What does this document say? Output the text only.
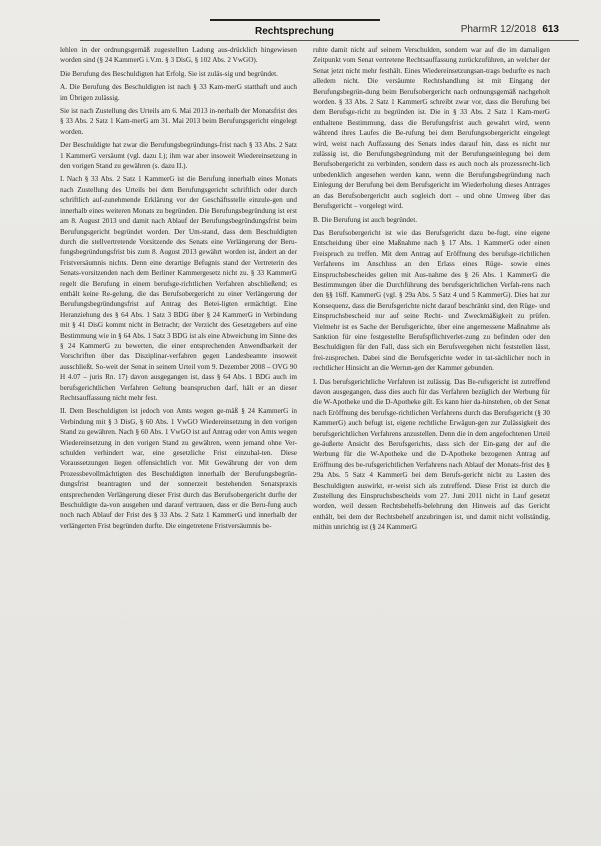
Rechtsprechung	PharmR 12/2018 613

lehlen in der ordnungsgemäß zugestellten Ladung aus-drücklich hingewiesen worden sind (§ 24 KammerG i.V.m. § 3 DisG, § 102 Abs. 2 VwGO).

Die Berufung des Beschuldigten hat Erfolg. Sie ist zuläs-sig und begründet.

A. Die Berufung des Beschuldigten ist nach § 33 Kam-merG statthaft und auch im Übrigen zulässig.

Sie ist nach Zustellung des Urteils am 6. Mai 2013 in-nerhalb der Monatsfrist des § 33 Abs. 2 Satz 1 Kam-merG am 31. Mai 2013 beim Berufungsgericht eingelegt worden.

Der Beschuldigte hat zwar die Berufungsbegründungs-frist nach § 33 Abs. 2 Satz 1 KammerG versäumt (vgl. dazu I.); ihm war aber insoweit Wiedereinsetzung in den vorigen Stand zu gewähren (s. dazu II.).

I. Nach § 33 Abs. 2 Satz 1 KammerG ist die Berufung innerhalb eines Monats nach Zustellung des Urteils bei dem Berufungsgericht schriftlich oder durch schriftlich auf-zunehmende Erklärung vor der Geschäftsstelle einzule-gen und innerhalb eines weiteren Monats zu begründen. Die Berufungsbegründung ist erst am 8. August 2013 und damit nach Ablauf der Berufungsbegründungsfrist beim Berufungsgericht begründet worden. Der Um-stand, dass dem Beschuldigten durch die stellvertretende Vorsitzende des Senats eine Verlängerung der Beru-fungsbegründungsfrist bis zum 8. August 2013 gewährt worden ist, ändert an der Fristversäumnis nichts. Denn eine derartige Befugnis stand der Vertreterin des Senats-vorsitzenden nach dem Berliner Kammergesetz nicht zu. § 33 KammerG regelt die Berufung in einem berufsge-richtlichen Verfahren abschließend; es enthält keine Re-gelung, die das Berufsobergericht zu einer Verlängerung der Berufungsbegründungsfrist auf Antrag des Betei-ligten ermächtigt. Eine Heranziehung des § 64 Abs. 1 Satz 3 BDG über § 24 KammerG in Verbindung mit § 41 DisG kommt nicht in Betracht; der Verzicht des Gesetzgebers auf eine Bestimmung wie in § 64 Abs. 1 Satz 3 BDG ist als eine Abweichung im Sinne des § 24 KammerG zu bewerten, die einer entsprechenden Anwendbarkeit der Vorschriften über das Disziplinar-verfahren gegen Landesbeamte insoweit ausschließt. So-weit der Senat in seinem Urteil vom 9. Dezember 2008 – OVG 90 H 4.07 – juris Rn. 17) davon ausgegangen ist, dass § 64 Abs. 1 BDG auch im berufsgerichtlichen Verfahren Geltung beanspruchen darf, hält er an dieser Rechtsauffassung nicht mehr fest.

II. Dem Beschuldigten ist jedoch von Amts wegen ge-mäß § 24 KammerG in Verbindung mit § 3 DisG, § 60 Abs. 1 VwGO Wiedereinsetzung in den vorigen Stand zu gewähren. Nach § 60 Abs. 1 VwGO ist auf Antrag oder von Amts wegen Wiedereinsetzung in den vorigen Stand zu gewähren, wenn jemand ohne Ver-schulden verhindert war, eine gesetzliche Frist einzuhal-ten. Diese Voraussetzungen liegen offensichtlich vor. Mit Gewährung der von dem Prozessbevollmächtigten des Beschuldigten innerhalb der Berufungsbegrün-dungsfrist beantragten und der sonnerzeit bestehenden Senatspraxis entsprechenden Verlängerung dieser Frist durch das Berufsobergericht durfte der Beschuldigte da-von ausgehen und darauf vertrauen, dass er die Beru-fung auch noch nach Ablauf der Frist des § 33 Abs. 2 Satz 1 KammerG und innerhalb der verlängerten Frist begründen durfte. Die eingetretene Fristversäumnis be-

ruhte damit nicht auf seinem Verschulden, sondern war auf die im damaligen Zeitpunkt vom Senat vertretene Rechtsauffassung zurückzuführen, an welcher der Senat jetzt nicht mehr festhält. Eines Wiedereinsetzungsan-trags bedurfte es nach alledem nicht. Die versäumte Rechtshandlung ist mit Eingang der Berufungsbegrün-dung beim Berufsobergericht nach ordnungsgemäß nachgeholt worden. § 33 Abs. 2 Satz 1 KammerG schreibt zwar vor, dass die Berufung bei dem Berufsge-richt zu begründen ist. Die in § 33 Abs. 2 Satz 1 Kam-merG enthaltene Bestimmung, dass die Berufungsfrist auch gewahrt wird, wenn während ihres Laufes die Be-rufung bei dem Berufungsobergericht eingelegt wird, weist nach Auffassung des Senats indes darauf hin, dass es nicht nur zulässig ist, die Berufungsbegründung mit der Berufungseinlegung bei dem Berufsobergericht zu verbinden, sondern dass es auch noch als prozessrecht-lich unbedenklich angesehen werden kann, wenn die Berufungsbegründung nach Einlegung der Berufung bei dem Berufsgericht im Wiederholung dieses Antrages an das Berufsobergericht auch sogleich dort – und ohne Umweg über das Berufsgericht – vorgelegt wird.

B. Die Berufung ist auch begründet.

Das Berufsobergericht ist wie das Berufsgericht dazu be-fugt, eine eigene Entscheidung über eine Maßnahme nach § 17 Abs. 1 KammerG oder einen Freispruch zu treffen. Mit dem Antrag auf Eröffnung des berufsge-richtlichen Verfahrens im Anschluss an den Erlass eines Rüge- sowie eines Einspruchsbescheides gelten mit Aus-nahme des § 26 Abs. 1 KammerG die Bestimmungen über die Durchführung des berufsgerichtlichen Verfah-rens nach den §§ 16ff. KammerG (vgl. § 29a Abs. 5 Satz 4 und 5 KammerG). Dies hat zur Konsequenz, dass die Berufsgerichte nicht darauf beschränkt sind, den Rüge- und Einspruchsbescheid nur auf seine Recht- und Zweckmäßigkeit zu prüfen. Vielmehr ist es Sache der Berufsgerichte, über eine angemessene Maßnahme als Sanktion für eine festgestellte Berufspflichtverlet-zung zu befinden oder den Beschuldigten für den Fall, dass sich ein Berufsvergehen nicht feststellen lässt, frei-zusprechen. Dabei sind die Berufsgerichte weder in tat-sächlicher noch in rechtlicher Hinsicht an die Wertun-gen der Kammer gebunden.

I. Das berufsgerichtliche Verfahren ist zulässig. Das Be-rufsgericht ist zutreffend davon ausgegangen, dass dies auch für das Verfahren bezüglich der Werbung für die W-Apotheke und die D-Apotheke gilt. Es kann hier da-hinstehen, ob der Senat nach Eröffnung des berufsge-richtlichen Verfahrens durch das Berufsgericht (§ 30 KammerG) auch befugt ist, eigene rechtliche Erwägun-gen zur Zulässigkeit des berufsgerichtlichen Verfahrens anzustellen. Denn die in dem angefochtenen Urteil ge-äußerte Ansicht des Berufsgerichts, dass sich der Ein-gang der auf die Werbung für die W-Apotheke und die D-Apotheke bezogenen Antrag auf Eröffnung des be-rufsgerichtlichen Verfahrens nach Ablauf der Monats-frist des § 29a Abs. 5 Satz 4 KammerG bei dem Berufs-gericht nicht zu Lasten des Beschuldigten auswirkt, er-weist sich als zutreffend. Diese Frist ist durch die Zustellung des Einspruchsbescheids vom 27. Juni 2011 nicht in Lauf gesetzt worden, weil dessen Rechtsbehelfs-belehrung den Hinweis auf das Gericht enthält, bei dem der Rechtsbehelf anzubringen ist, und damit nicht vollständig, mithin unrichtig ist (§ 24 KammerG
